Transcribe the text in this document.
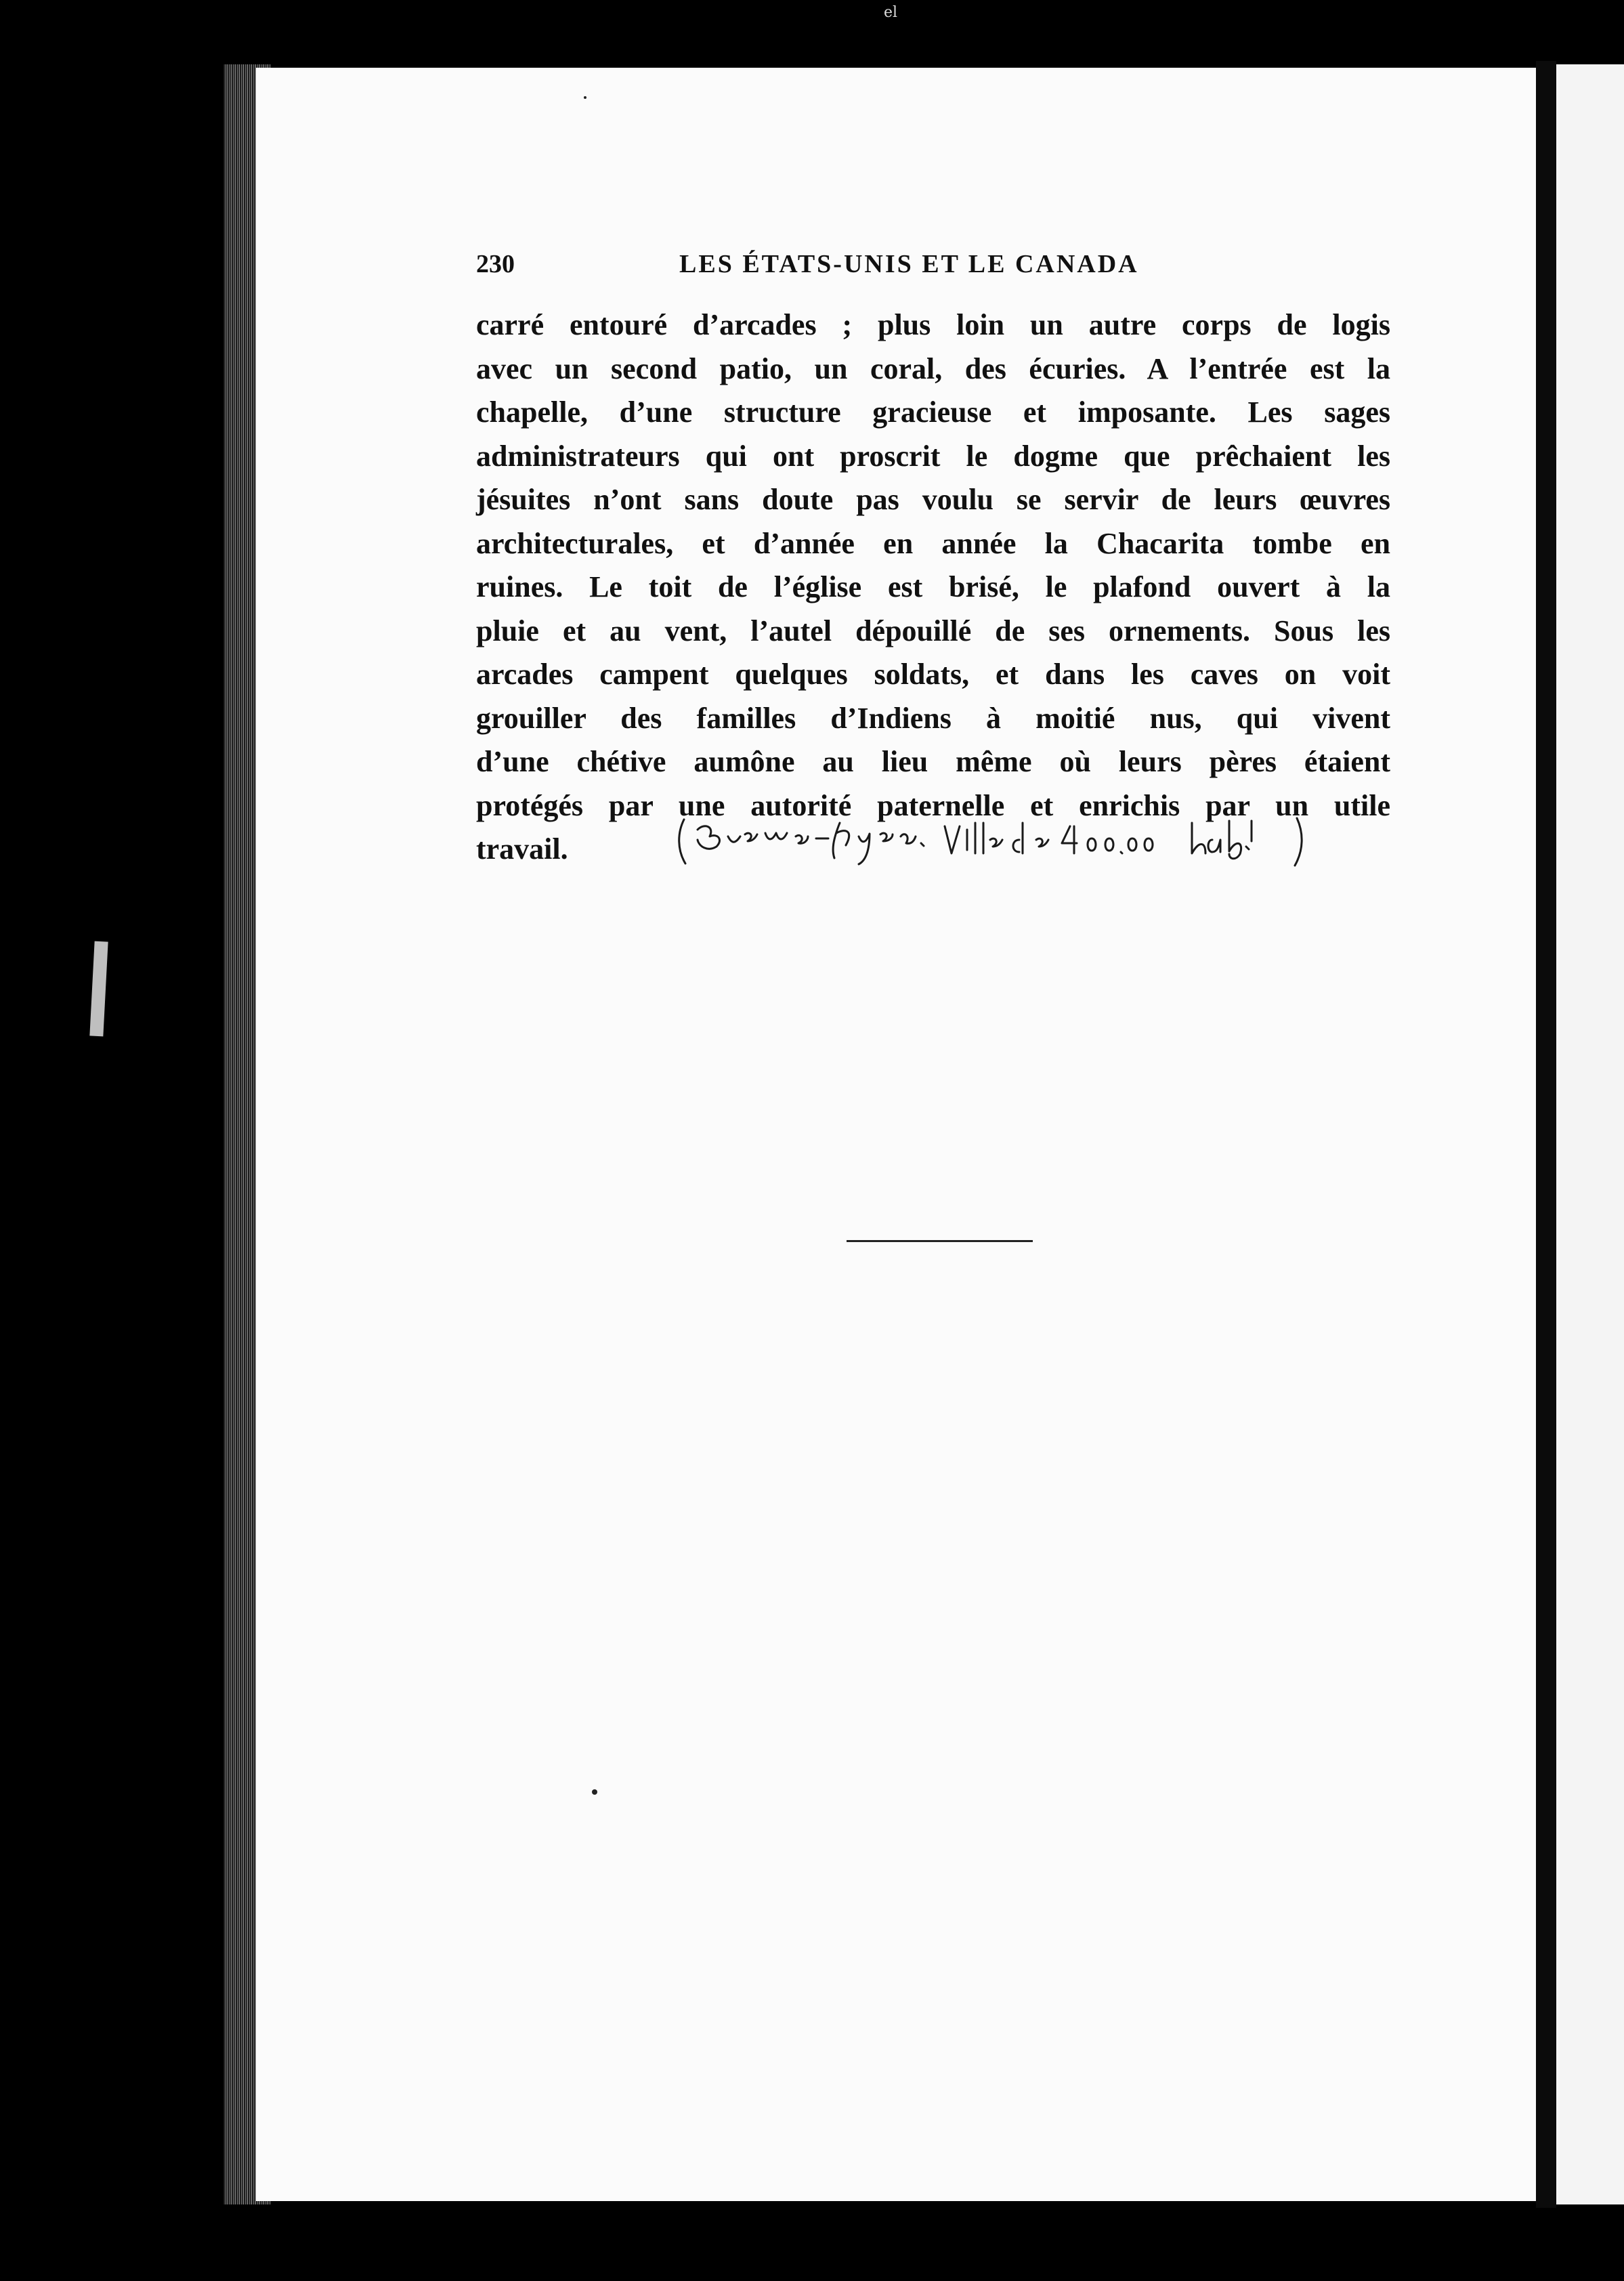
el
230	LES ÉTATS-UNIS ET LE CANADA
carré entouré d’arcades ; plus loin un autre corps de logis
avec un second patio, un coral, des écuries. A l’entrée est la
chapelle, d’une structure gracieuse et imposante. Les sages
administrateurs qui ont proscrit le dogme que prêchaient les
jésuites n’ont sans doute pas voulu se servir de leurs œuvres
architecturales, et d’année en année la Chacarita tombe en
ruines. Le toit de l’église est brisé, le plafond ouvert à la
pluie et au vent, l’autel dépouillé de ses ornements. Sous les
arcades campent quelques soldats, et dans les caves on voit
grouiller des familles d’Indiens à moitié nus, qui vivent
d’une chétive aumône au lieu même où leurs pères étaient
protégés par une autorité paternelle et enrichis par un utile
travail.
